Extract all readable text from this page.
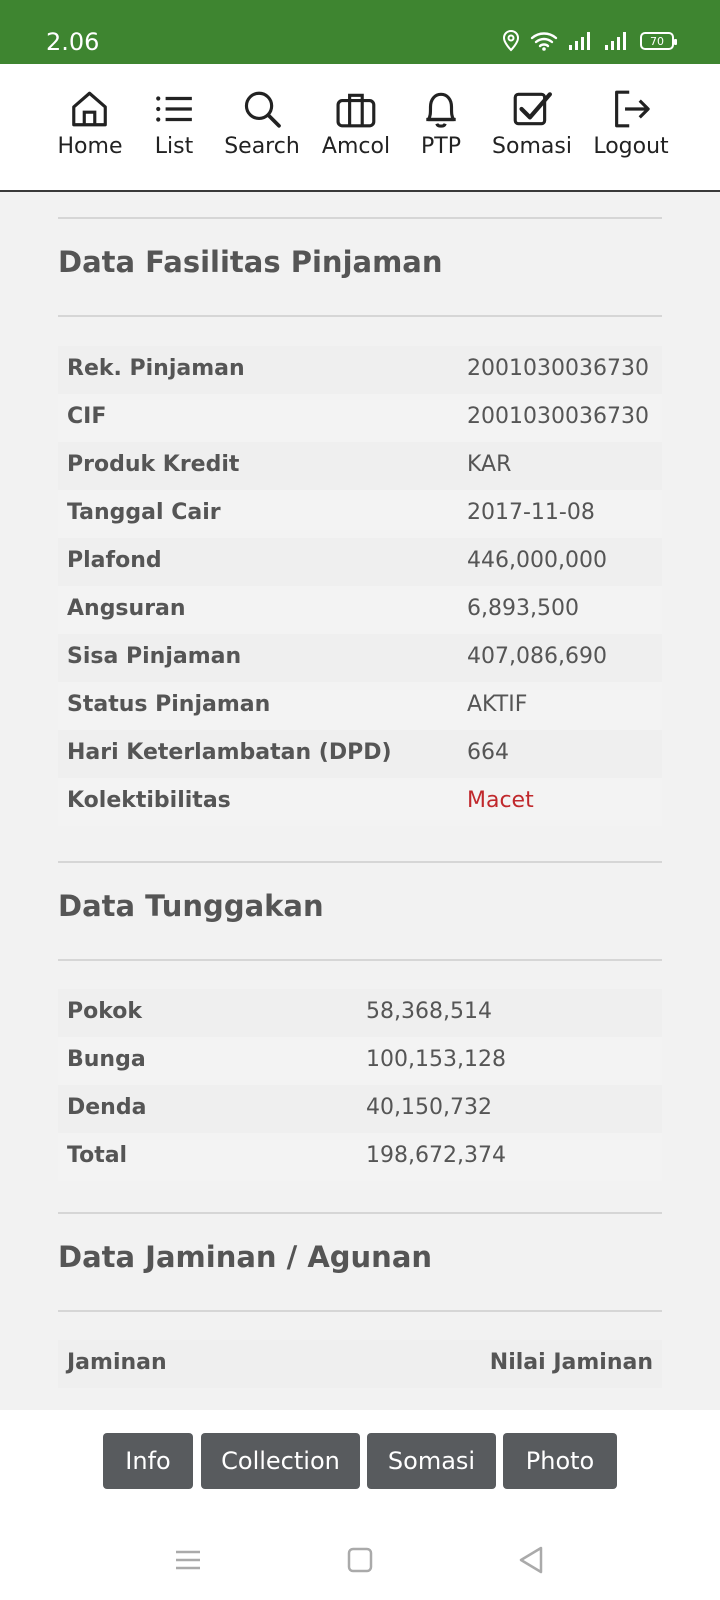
2.06	70
Home List Search Amcol PTP Somasi Logout
Data Fasilitas Pinjaman
Rek. Pinjaman	2001030036730
CIF	2001030036730
Produk Kredit	KAR
Tanggal Cair	2017-11-08
Plafond	446,000,000
Angsuran	6,893,500
Sisa Pinjaman	407,086,690
Status Pinjaman	AKTIF
Hari Keterlambatan (DPD)	664
Kolektibilitas	Macet
Data Tunggakan
Pokok	58,368,514
Bunga	100,153,128
Denda	40,150,732
Total	198,672,374
Data Jaminan / Agunan
Jaminan	Nilai Jaminan
Info	Collection	Somasi	Photo
